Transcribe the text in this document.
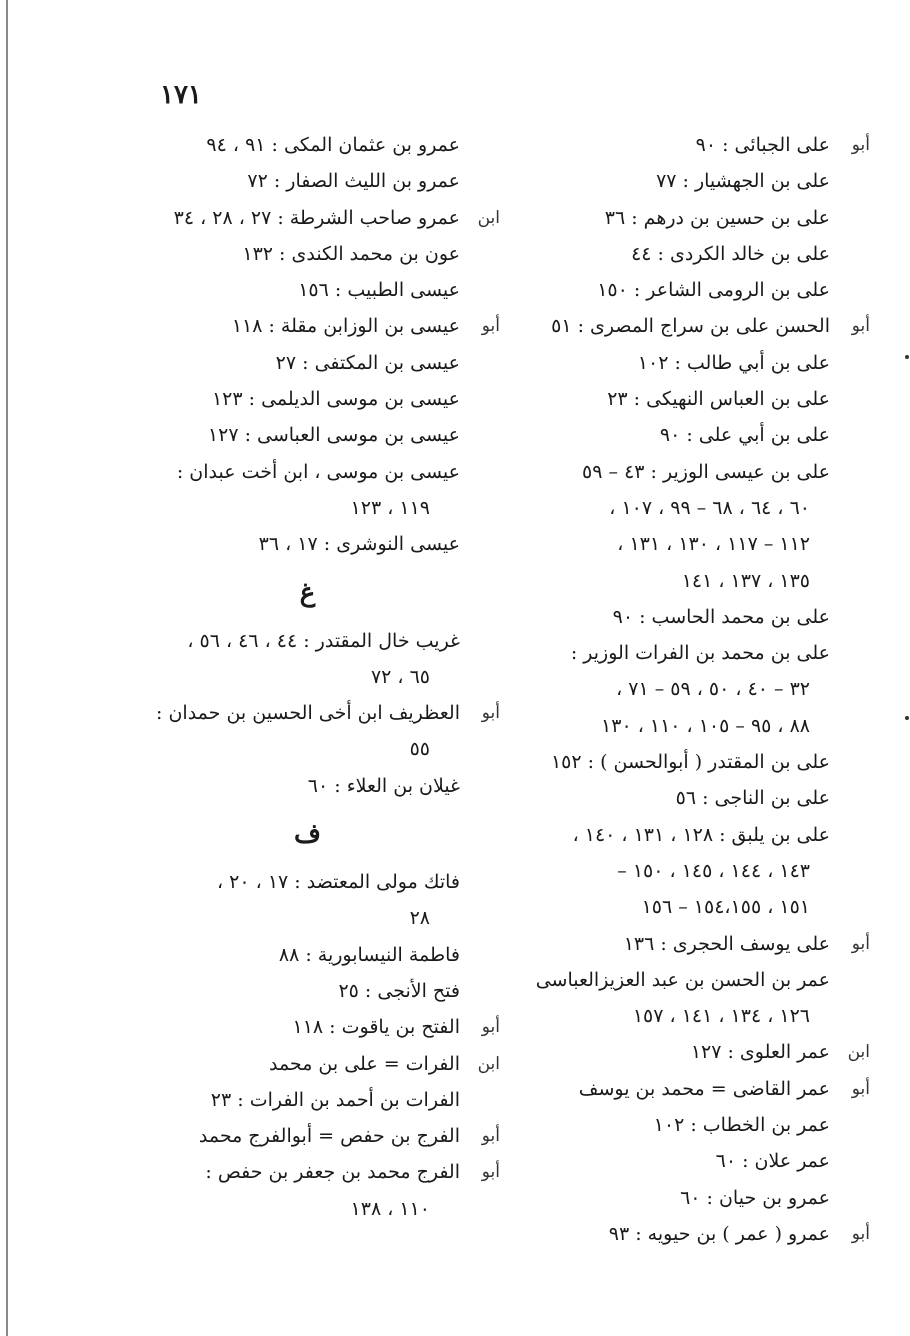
١٧١
أبو
على الجبائى : ٩٠
على بن الجهشيار : ٧٧
على بن حسين بن درهم : ٣٦
على بن خالد الكردى : ٤٤
على بن الرومى الشاعر : ١٥٠
أبو
الحسن على بن سراج المصرى : ٥١
على بن أبي طالب : ١٠٢
على بن العباس النهيكى : ٢٣
على بن أبي على : ٩٠
على بن عيسى الوزير : ٤٣ – ٥٩
٦٠ ، ٦٤ ، ٦٨ – ٩٩ ، ١٠٧ ،
١١٢ – ١١٧ ، ١٣٠ ، ١٣١ ،
١٣٥ ، ١٣٧ ، ١٤١
على بن محمد الحاسب : ٩٠
على بن محمد بن الفرات الوزير :
٣٢ – ٤٠ ، ٥٠ ، ٥٩ – ٧١ ،
٨٨ ، ٩٥ – ١٠٥ ، ١١٠ ، ١٣٠
على بن المقتدر ( أبوالحسن ) : ١٥٢
على بن الناجى : ٥٦
على بن يلبق : ١٢٨ ، ١٣١ ، ١٤٠ ،
١٤٣ ، ١٤٤ ، ١٤٥ ، ١٥٠ –
١٥١ ، ١٥٤،١٥٥ – ١٥٦
أبو
على يوسف الحجرى : ١٣٦
عمر بن الحسن بن عبد العزيزالعباسى
١٢٦ ، ١٣٤ ، ١٤١ ، ١٥٧
ابن
عمر العلوى : ١٢٧
أبو
عمر القاضى = محمد بن يوسف
عمر بن الخطاب : ١٠٢
عمر علان : ٦٠
عمرو بن حيان : ٦٠
أبو
عمرو ( عمر ) بن حيويه : ٩٣
عمرو بن عثمان المكى : ٩١ ، ٩٤
عمرو بن الليث الصفار : ٧٢
ابن
عمرو صاحب الشرطة : ٢٧ ، ٢٨ ، ٣٤
عون بن محمد الكندى : ١٣٢
عيسى الطبيب : ١٥٦
أبو
عيسى بن الوزابن مقلة : ١١٨
عيسى بن المكتفى : ٢٧
عيسى بن موسى الديلمى : ١٢٣
عيسى بن موسى العباسى : ١٢٧
عيسى بن موسى ، ابن أخت عبدان :
١١٩ ، ١٢٣
عيسى النوشرى : ١٧ ، ٣٦
غ
غريب خال المقتدر : ٤٤ ، ٤٦ ، ٥٦ ،
٦٥ ، ٧٢
أبو
العظريف ابن أخى الحسين بن حمدان :
٥٥
غيلان بن العلاء : ٦٠
ف
فاتك مولى المعتضد : ١٧ ، ٢٠ ،
٢٨
فاطمة النيسابورية : ٨٨
فتح الأنجى : ٢٥
أبو
الفتح بن ياقوت : ١١٨
ابن
الفرات = على بن محمد
الفرات بن أحمد بن الفرات : ٢٣
أبو
الفرج بن حفص = أبوالفرج محمد
أبو
الفرج محمد بن جعفر بن حفص :
١١٠ ، ١٣٨
